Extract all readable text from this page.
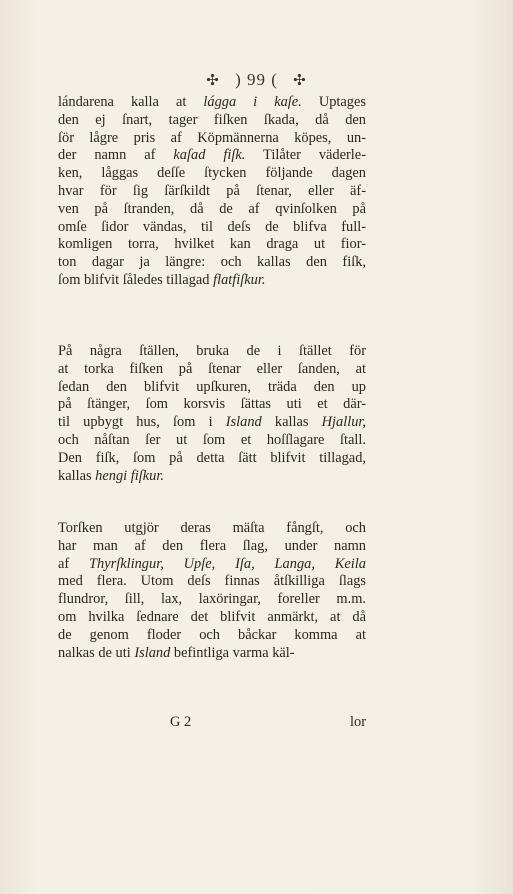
✣ ) 99 ( ✣
lándarena kalla at lágga i kaſe. Uptages
den ej ſnart, tager fiſken ſkada, då den
ſör lågre pris af Köpmännerna köpes, un-
der namn af kaſad fiſk. Tilåter väderle-
ken, låggas deſſe ſtycken följande dagen
hvar för ſig ſärſkildt på ſtenar, eller äf-
ven på ſtranden, då de af qvinſolken på
omſe ſidor vändas, til deſs de blifva full-
komligen torra, hvilket kan draga ut fior-
ton dagar ja längre: och kallas den fiſk,
ſom blifvit ſåledes tillagad flatfiſkur.
På några ſtällen, bruka de i ſtället för
at torka fiſken på ſtenar eller ſanden, at
ſedan den blifvit upſkuren, träda den up
på ſtänger, ſom korsvis ſättas uti et där-
til upbygt hus, ſom i Island kallas Hjallur,
och nåſtan ſer ut ſom et hoſſlagare ſtall.
Den fiſk, ſom på detta ſätt blifvit tillagad,
kallas hengi fiſkur.
Torſken utgjör deras mäſta fångſt, och
har man af den flera ſlag, under namn
af Thyrſklingur, Upſe, Iſa, Langa, Keila
med flera. Utom deſs finnas åtſkilliga ſlags
flundror, ſill, lax, laxöringar, foreller m.m.
om hvilka ſednare det blifvit anmärkt, at då
de genom floder och båckar komma at
nalkas de uti Island befintliga varma käl-
G 2	lor
